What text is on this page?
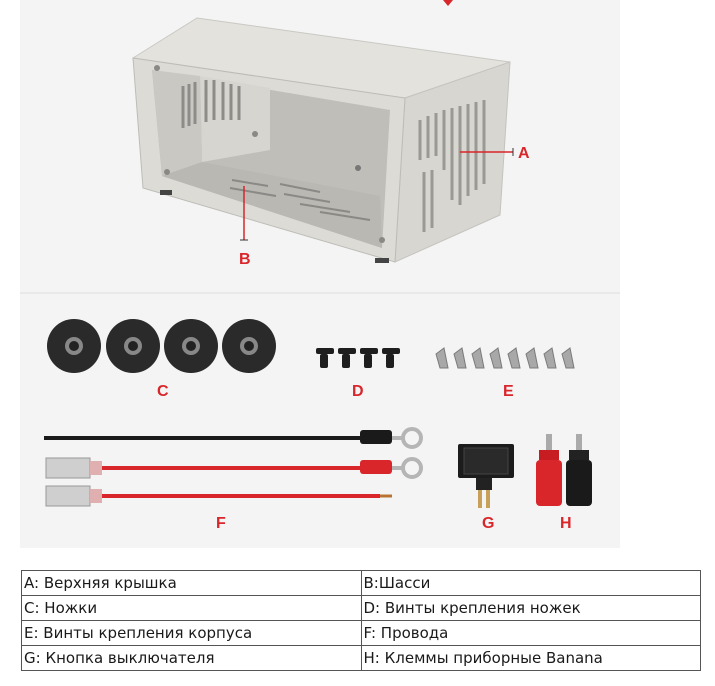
A
B
C	D	E
F	G	H
A: Верхняя крышка	B:Шасси
C: Ножки	D: Винты крепления ножек
E: Винты крепления корпуса	F: Провода
G: Кнопка выключателя	H: Клеммы приборные Banana
